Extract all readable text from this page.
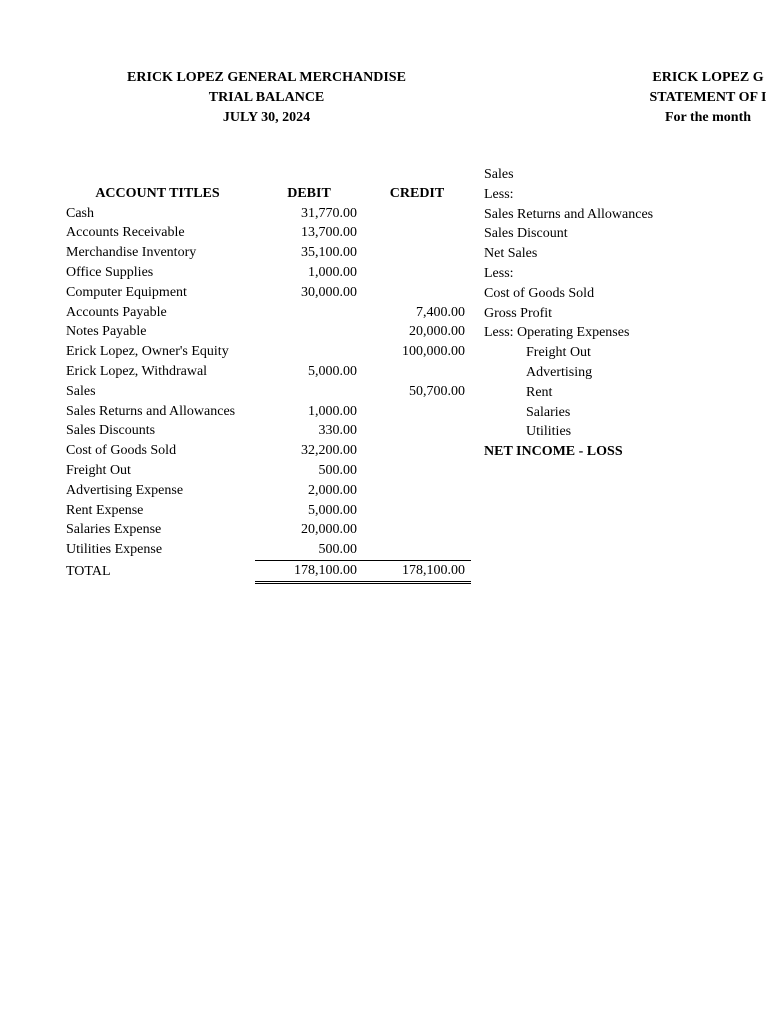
ERICK LOPEZ GENERAL MERCHANDISE
TRIAL BALANCE
JULY 30, 2024
ERICK LOPEZ G
STATEMENT OF I
For the month
ACCOUNT TITLES	DEBIT	CREDIT
Cash	31,770.00	
Accounts Receivable	13,700.00	
Merchandise Inventory	35,100.00	
Office Supplies	1,000.00	
Computer Equipment	30,000.00	
Accounts Payable		7,400.00
Notes Payable		20,000.00
Erick Lopez, Owner's Equity		100,000.00
Erick Lopez, Withdrawal	5,000.00	
Sales		50,700.00
Sales Returns and Allowances	1,000.00	
Sales Discounts	330.00	
Cost of Goods Sold	32,200.00	
Freight Out	500.00	
Advertising Expense	2,000.00	
Rent Expense	5,000.00	
Salaries Expense	20,000.00	
Utilities Expense	500.00	
TOTAL	178,100.00	178,100.00
Sales
Less:
Sales Returns and Allowances
Sales Discount
Net Sales
Less:
Cost of Goods Sold
Gross Profit
Less: Operating Expenses
Freight Out
Advertising
Rent
Salaries
Utilities
NET INCOME - LOSS
